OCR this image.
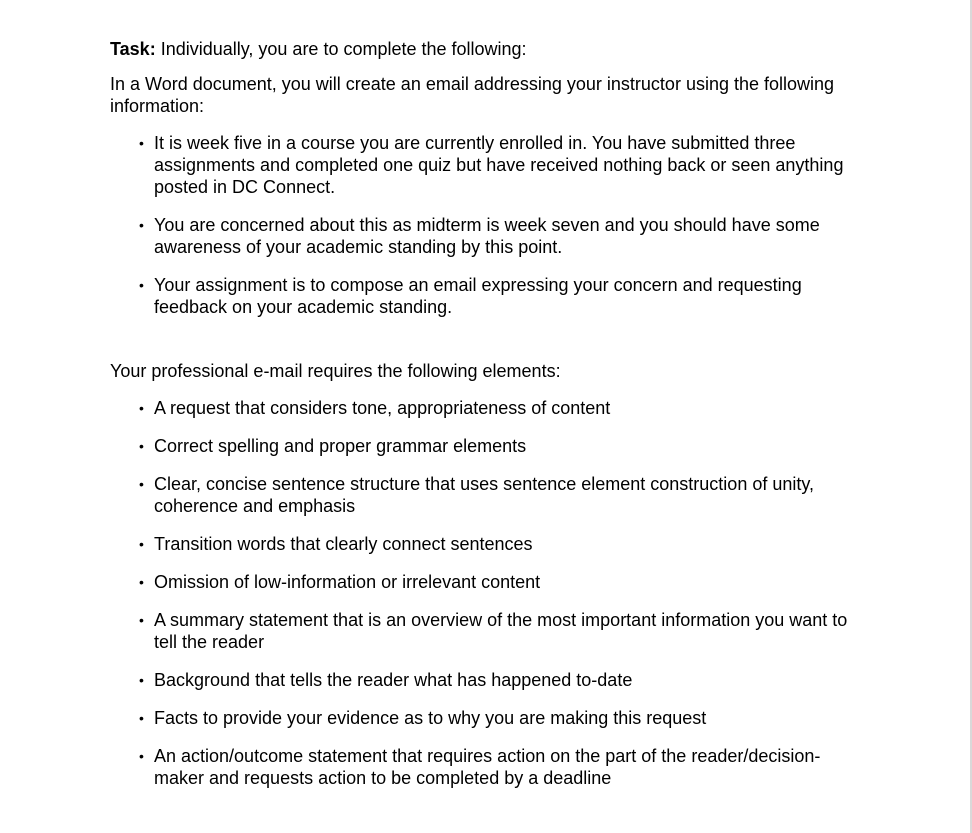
Task: Individually, you are to complete the following:

In a Word document, you will create an email addressing your instructor using the following information:

• It is week five in a course you are currently enrolled in. You have submitted three assignments and completed one quiz but have received nothing back or seen anything posted in DC Connect.
• You are concerned about this as midterm is week seven and you should have some awareness of your academic standing by this point.
• Your assignment is to compose an email expressing your concern and requesting feedback on your academic standing.

Your professional e-mail requires the following elements:

• A request that considers tone, appropriateness of content
• Correct spelling and proper grammar elements
• Clear, concise sentence structure that uses sentence element construction of unity, coherence and emphasis
• Transition words that clearly connect sentences
• Omission of low-information or irrelevant content
• A summary statement that is an overview of the most important information you want to tell the reader
• Background that tells the reader what has happened to-date
• Facts to provide your evidence as to why you are making this request
• An action/outcome statement that requires action on the part of the reader/decision-maker and requests action to be completed by a deadline
